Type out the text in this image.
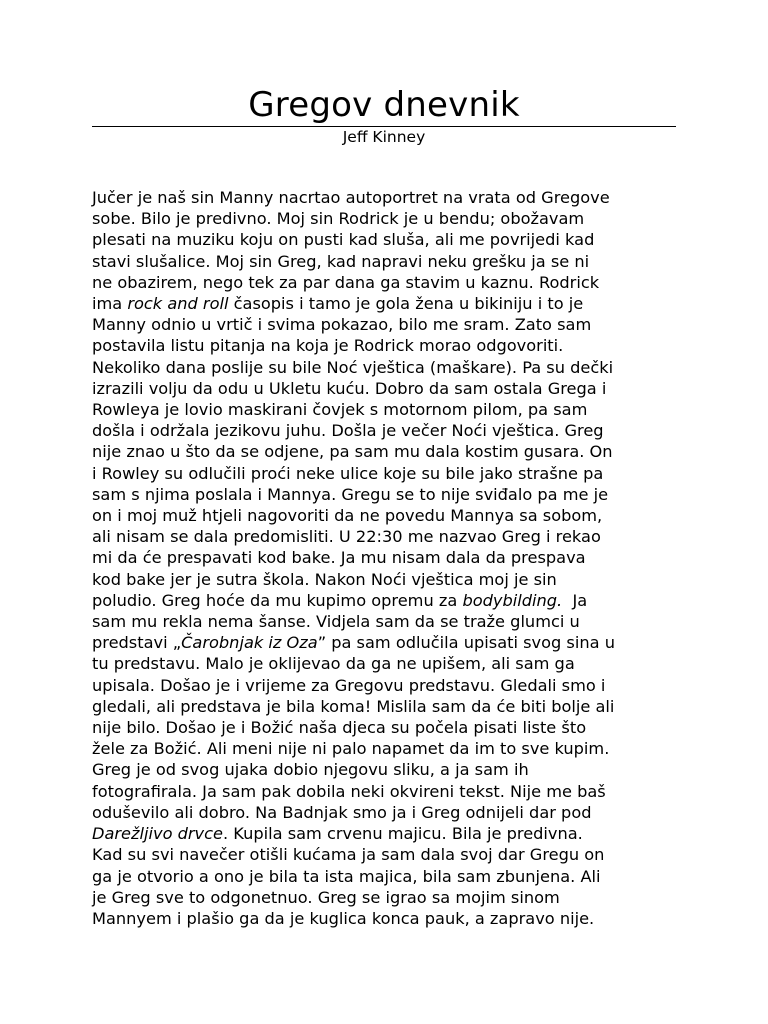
Gregov dnevnik
Jeff Kinney
Jučer je naš sin Manny nacrtao autoportret na vrata od Gregove
sobe. Bilo je predivno. Moj sin Rodrick je u bendu; obožavam
plesati na muziku koju on pusti kad sluša, ali me povrijedi kad
stavi slušalice. Moj sin Greg, kad napravi neku grešku ja se ni
ne obazirem, nego tek za par dana ga stavim u kaznu. Rodrick
ima rock and roll časopis i tamo je gola žena u bikiniju i to je
Manny odnio u vrtič i svima pokazao, bilo me sram. Zato sam
postavila listu pitanja na koja je Rodrick morao odgovoriti.
Nekoliko dana poslije su bile Noć vještica (maškare). Pa su dečki
izrazili volju da odu u Ukletu kuću. Dobro da sam ostala Grega i
Rowleya je lovio maskirani čovjek s motornom pilom, pa sam
došla i održala jezikovu juhu. Došla je večer Noći vještica. Greg
nije znao u što da se odjene, pa sam mu dala kostim gusara. On
i Rowley su odlučili proći neke ulice koje su bile jako strašne pa
sam s njima poslala i Mannya. Gregu se to nije sviđalo pa me je
on i moj muž htjeli nagovoriti da ne povedu Mannya sa sobom,
ali nisam se dala predomisliti. U 22:30 me nazvao Greg i rekao
mi da će prespavati kod bake. Ja mu nisam dala da prespava
kod bake jer je sutra škola. Nakon Noći vještica moj je sin
poludio. Greg hoće da mu kupimo opremu za bodybilding.  Ja
sam mu rekla nema šanse. Vidjela sam da se traže glumci u
predstavi „Čarobnjak iz Oza” pa sam odlučila upisati svog sina u
tu predstavu. Malo je oklijevao da ga ne upišem, ali sam ga
upisala. Došao je i vrijeme za Gregovu predstavu. Gledali smo i
gledali, ali predstava je bila koma! Mislila sam da će biti bolje ali
nije bilo. Došao je i Božić naša djeca su počela pisati liste što
žele za Božić. Ali meni nije ni palo napamet da im to sve kupim.
Greg je od svog ujaka dobio njegovu sliku, a ja sam ih
fotografirala. Ja sam pak dobila neki okvireni tekst. Nije me baš
oduševilo ali dobro. Na Badnjak smo ja i Greg odnijeli dar pod
Darežljivo drvce. Kupila sam crvenu majicu. Bila je predivna.
Kad su svi navečer otišli kućama ja sam dala svoj dar Gregu on
ga je otvorio a ono je bila ta ista majica, bila sam zbunjena. Ali
je Greg sve to odgonetnuo. Greg se igrao sa mojim sinom
Mannyem i plašio ga da je kuglica konca pauk, a zapravo nije.
